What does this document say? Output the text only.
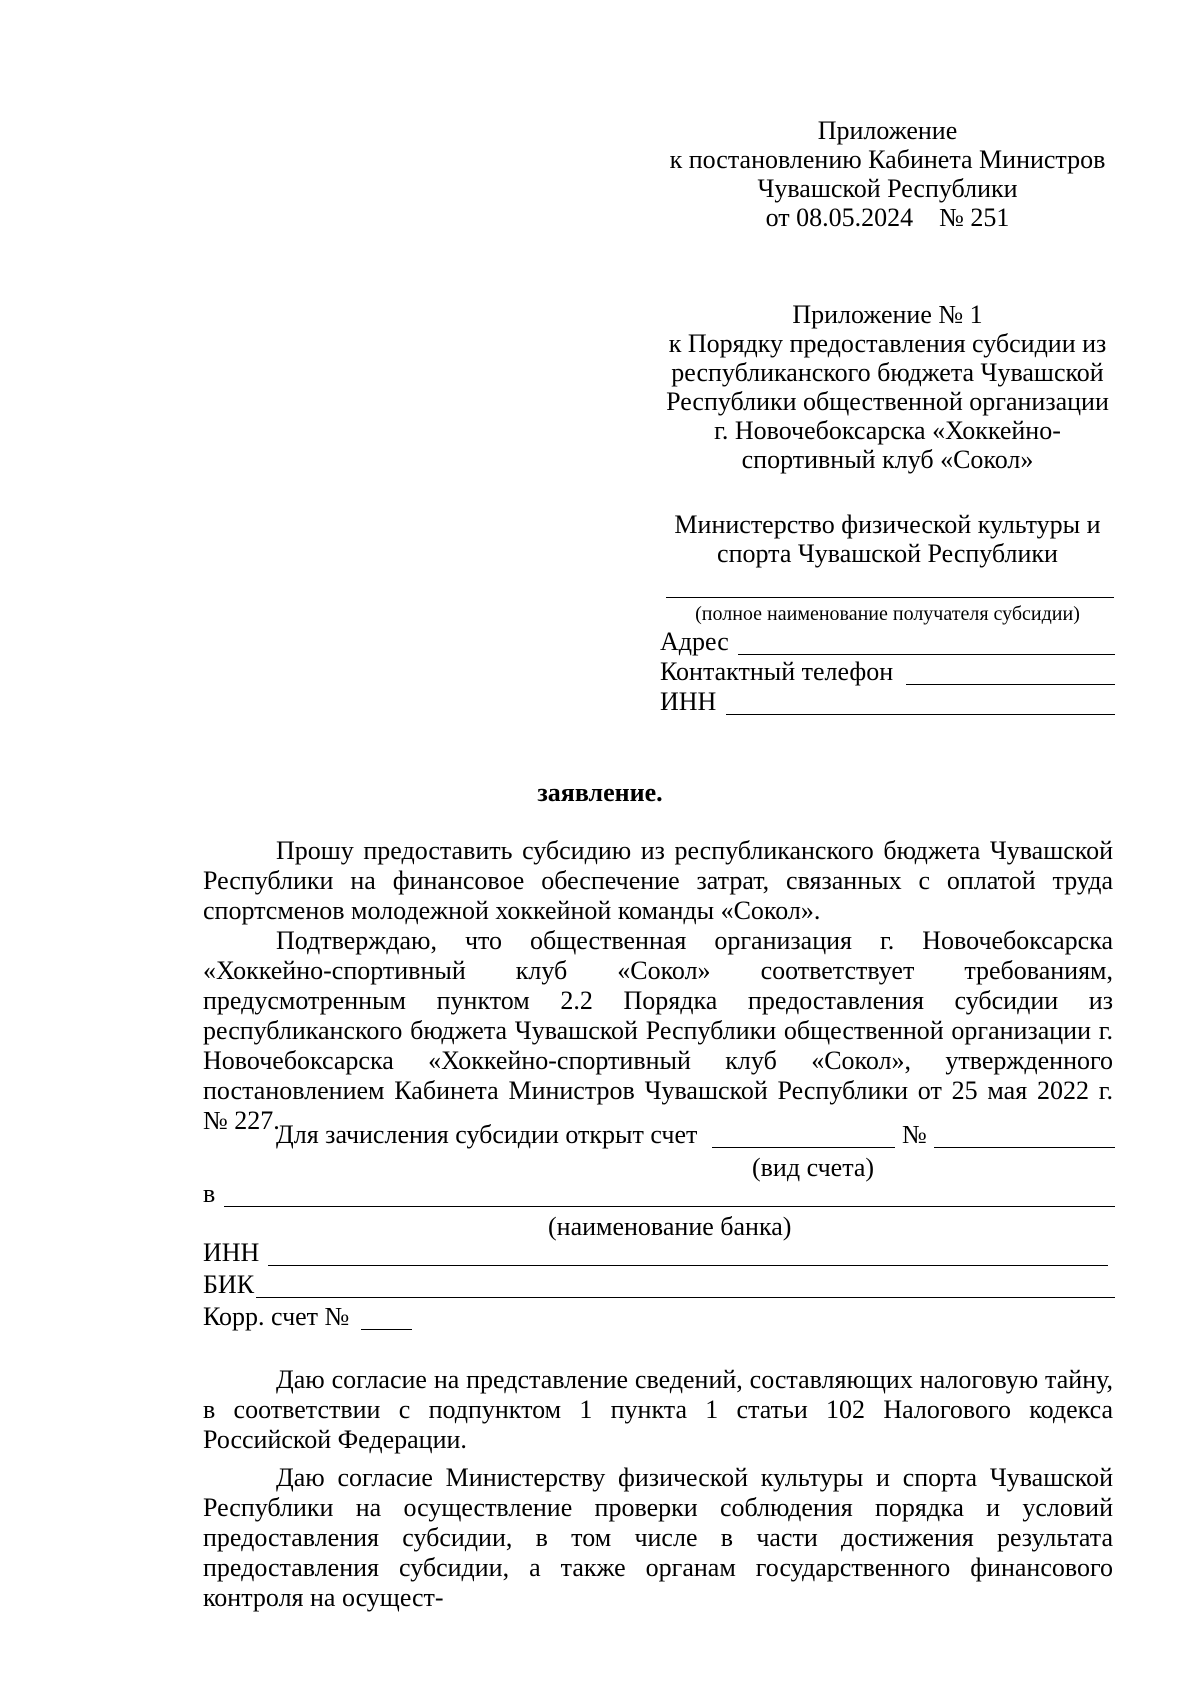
Приложение
к постановлению Кабинета Министров
Чувашской Республики
от 08.05.2024    № 251
Приложение № 1
к Порядку предоставления субсидии из
республиканского бюджета Чувашской
Республики общественной организации
г. Новочебоксарска «Хоккейно-
спортивный клуб «Сокол»
Министерство физической культуры и
спорта Чувашской Республики
(полное наименование получателя субсидии)
Адрес
Контактный телефон
ИНН
заявление.

Прошу предоставить субсидию из республиканского бюджета Чувашской Республики на финансовое обеспечение затрат, связанных с оплатой труда спортсменов молодежной хоккейной команды «Сокол».

Подтверждаю, что общественная организация г. Новочебоксарска «Хоккейно-спортивный клуб «Сокол» соответствует требованиям, предусмотренным пунктом 2.2 Порядка предоставления субсидии из республиканского бюджета Чувашской Республики общественной организации г. Новочебоксарска «Хоккейно-спортивный клуб «Сокол», утвержденного постановлением Кабинета Министров Чувашской Республики от 25 мая 2022 г. № 227.

Для зачисления субсидии открыт счет	№
(вид счета)
в
(наименование банка)
ИНН
БИК
Корр. счет №

Даю согласие на представление сведений, составляющих налоговую тайну, в соответствии с подпунктом 1 пункта 1 статьи 102 Налогового кодекса Российской Федерации.

Даю согласие Министерству физической культуры и спорта Чувашской Республики на осуществление проверки соблюдения порядка и условий предоставления субсидии, в том числе в части достижения результата предоставления субсидии, а также органам государственного финансового контроля на осущест-
